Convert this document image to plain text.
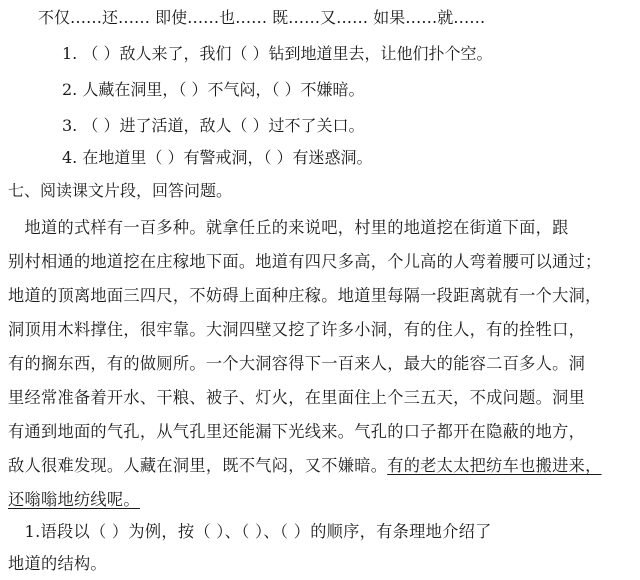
不仅……还…… 即使……也…… 既……又…… 如果……就……
1. （ ）敌人来了，我们（ ）钻到地道里去，让他们扑个空。
2. 人藏在洞里，（ ）不气闷，（ ）不嫌暗。
3. （ ）进了活道，敌人（ ）过不了关口。
4. 在地道里（ ）有警戒洞，（ ）有迷惑洞。
七、阅读课文片段，回答问题。
　地道的式样有一百多种。就拿任丘的来说吧，村里的地道挖在街道下面，跟
别村相通的地道挖在庄稼地下面。地道有四尺多高，个儿高的人弯着腰可以通过；
地道的顶离地面三四尺，不妨碍上面种庄稼。地道里每隔一段距离就有一个大洞，
洞顶用木料撑住，很牢靠。大洞四壁又挖了许多小洞，有的住人，有的拴牲口，
有的搁东西，有的做厕所。一个大洞容得下一百来人，最大的能容二百多人。洞
里经常准备着开水、干粮、被子、灯火，在里面住上个三五天，不成问题。洞里
有通到地面的气孔，从气孔里还能漏下光线来。气孔的口子都开在隐蔽的地方，
敌人很难发现。人藏在洞里，既不气闷，又不嫌暗。有的老太太把纺车也搬进来，
还嗡嗡地纺线呢。
　1.语段以（ ）为例，按（ ）、（ ）、（ ）的顺序，有条理地介绍了
地道的结构。
